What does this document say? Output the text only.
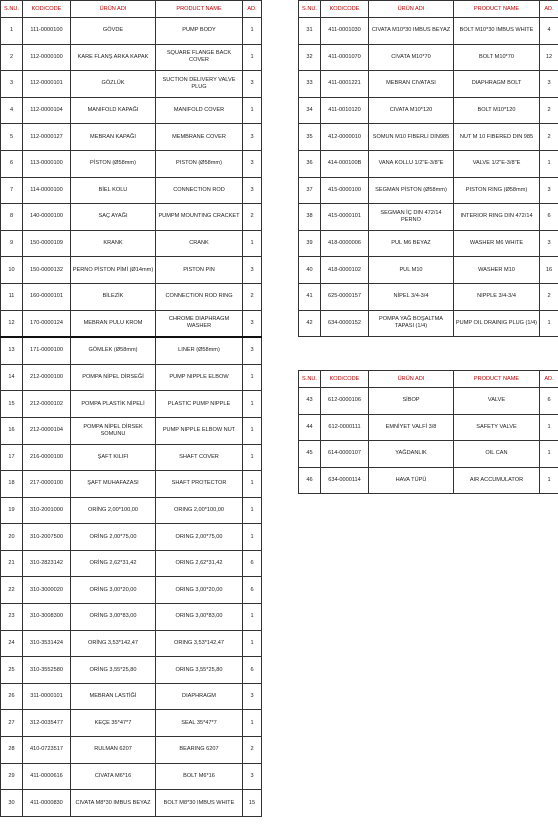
S.NU.	KOD/CODE	ÜRÜN ADI	PRODUCT NAME	AD.
1	111-0000100	GÖVDE	PUMP BODY	1
2	112-0000100	KARE FLANŞ ARKA KAPAK	SQUARE FLANGE BACK COVER	1
3	112-0000101	GÖZLÜK	SUCTION DELIVERY VALVE PLUG	3
4	112-0000104	MANIFOLD KAPAĞI	MANIFOLD COVER	1
5	112-0000127	MEBRAN KAPAĞI	MEMBRANE COVER	3
6	113-0000100	PİSTON (Ø58mm)	PISTON (Ø58mm)	3
7	114-0000100	BİEL KOLU	CONNECTION ROD	3
8	140-0000100	SAÇ AYAĞI	PUMPM MOUNTING CRACKET	2
9	150-0000109	KRANK	CRANK	1
10	150-0000132	PERNO PİSTON PİMİ (Ø14mm)	PISTON PIN	3
11	160-0000101	BİLEZİK	CONNECTION ROD RING	2
12	170-0000124	MEBRAN PULU KROM	CHROME DIAPHRAGM WASHER	3
13	171-0000100	GÖMLEK (Ø58mm)	LINER (Ø58mm)	3
14	212-0000100	POMPA NİPEL DİRSEĞİ	PUMP NIPPLE ELBOW	1
15	212-0000102	POMPA PLASTİK NİPELİ	PLASTIC PUMP NIPPLE	1
16	212-0000104	POMPA NİPEL DİRSEK SOMUNU	PUMP NIPPLE ELBOW NUT	1
17	216-0000100	ŞAFT KILIFI	SHAFT COVER	1
18	217-0000100	ŞAFT MUHAFAZASI	SHAFT PROTECTOR	1
19	310-2001000	ORİNG 2,00*100,00	ORING 2,00*100,00	1
20	310-2007500	ORİNG 2,00*75,00	ORING 2,00*75,00	1
21	310-2823142	ORİNG 2,62*31,42	ORING 2,62*31,42	6
22	310-3000020	ORİNG 3,00*20,00	ORING 3,00*20,00	6
23	310-3008300	ORİNG 3,00*83,00	ORING 3,00*83,00	1
24	310-3531424	ORİNG 3,53*142,47	ORING 3,53*142,47	1
25	310-3552580	ORİNG 3,55*25,80	ORING 3,55*25,80	6
26	311-0000101	MEBRAN LASTİĞİ	DIAPHRAGM	3
27	312-0035477	KEÇE 35*47*7	SEAL 35*47*7	1
28	410-0723517	RULMAN 6207	BEARING 6207	2
29	411-0000616	CIVATA M6*16	BOLT M6*16	3
30	411-0000830	CIVATA M8*30 IMBUS BEYAZ	BOLT M8*30 IMBUS WHITE	15
S.NU.	KOD/CODE	ÜRÜN ADI	PRODUCT NAME	AD.
31	411-0001030	CIVATA M10*30 IMBUS BEYAZ	BOLT M10*30 IMBUS WHITE	4
32	411-0001070	CIVATA M10*70	BOLT M10*70	12
33	411-0001221	MEBRAN CIVATASI	DIAPHRAGM BOLT	3
34	411-0010120	CIVATA M10*120	BOLT M10*120	2
35	412-0000010	SOMUN M10 FIBERLI DIN985	NUT M 10 FIBERED DIN 985	2
36	414-000100B	VANA KOLLU 1/2"E-3/8"E	VALVE 1/2"E-3/8"E	1
37	415-0000100	SEGMAN PİSTON (Ø58mm)	PISTON RING (Ø58mm)	3
38	415-0000101	SEGMAN İÇ DIN 472/14 PERNO	INTERIOR RING DIN 472/14	6
39	418-0000006	PUL M6 BEYAZ	WASHER M6 WHITE	3
40	418-0000102	PUL M10	WASHER M10	16
41	625-0000157	NİPEL 3/4-3/4	NIPPLE 3/4-3/4	2
42	634-0000152	POMPA YAĞ BOŞALTMA TAPASI (1/4)	PUMP OIL DRAINIG PLUG (1/4)	1
S.NU.	KOD/CODE	ÜRÜN ADI	PRODUCT NAME	AD.
43	612-0000106	SİBOP	VALVE	6
44	612-0000111	EMNİYET VALFİ 3/8	SAFETY VALVE	1
45	614-0000107	YAĞDANLIK	OIL CAN	1
46	634-0000114	HAVA TÜPÜ	AIR ACCUMULATOR	1
